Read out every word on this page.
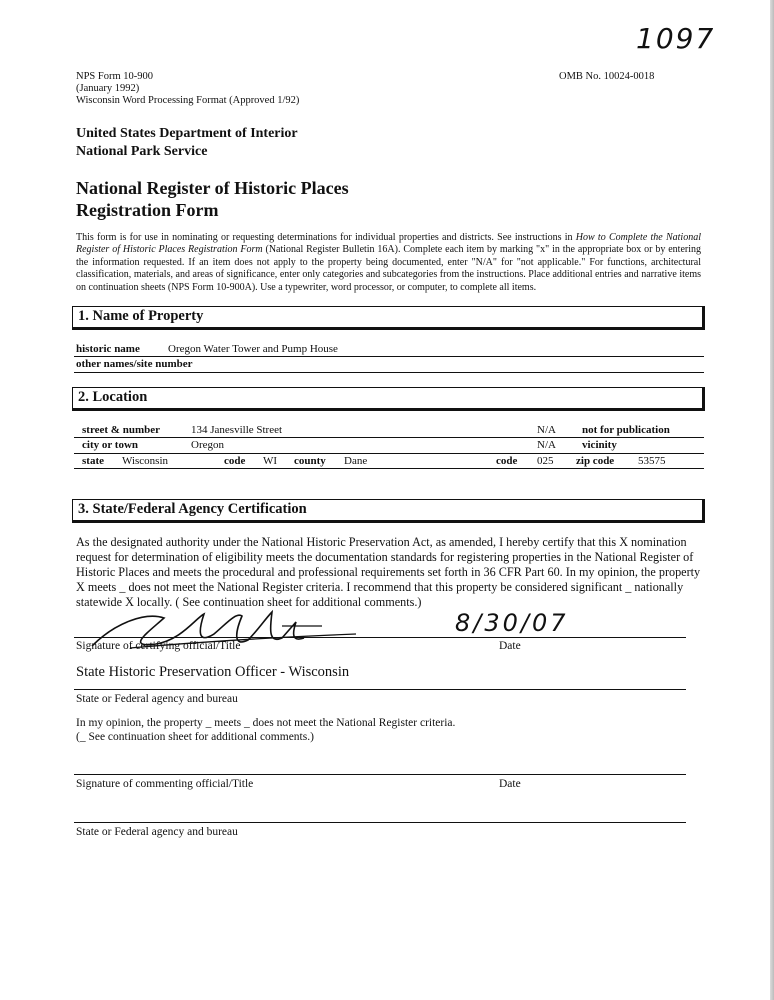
1097
NPS Form 10-900
(January 1992)
Wisconsin Word Processing Format (Approved 1/92)
OMB No. 10024-0018
United States Department of Interior
National Park Service
National Register of Historic Places
Registration Form
This form is for use in nominating or requesting determinations for individual properties and districts. See instructions in How to Complete the National Register of Historic Places Registration Form (National Register Bulletin 16A). Complete each item by marking "x" in the appropriate box or by entering the information requested. If an item does not apply to the property being documented, enter "N/A" for "not applicable." For functions, architectural classification, materials, and areas of significance, enter only categories and subcategories from the instructions. Place additional entries and narrative items on continuation sheets (NPS Form 10-900A). Use a typewriter, word processor, or computer, to complete all items.
1. Name of Property
historic name	Oregon Water Tower and Pump House
other names/site number
2. Location
street & number	134 Janesville Street	N/A not for publication
city or town	Oregon	N/A vicinity
state Wisconsin	code WI county Dane	code 025 zip code 53575
3. State/Federal Agency Certification
As the designated authority under the National Historic Preservation Act, as amended, I hereby certify that this X nomination request for determination of eligibility meets the documentation standards for registering properties in the National Register of Historic Places and meets the procedural and professional requirements set forth in 36 CFR Part 60. In my opinion, the property X meets _ does not meet the National Register criteria. I recommend that this property be considered significant _ nationally statewide X locally. ( See continuation sheet for additional comments.)
8/30/07
Signature of certifying official/Title	Date
State Historic Preservation Officer - Wisconsin
State or Federal agency and bureau
In my opinion, the property _ meets _ does not meet the National Register criteria.
(_ See continuation sheet for additional comments.)
Signature of commenting official/Title	Date
State or Federal agency and bureau
